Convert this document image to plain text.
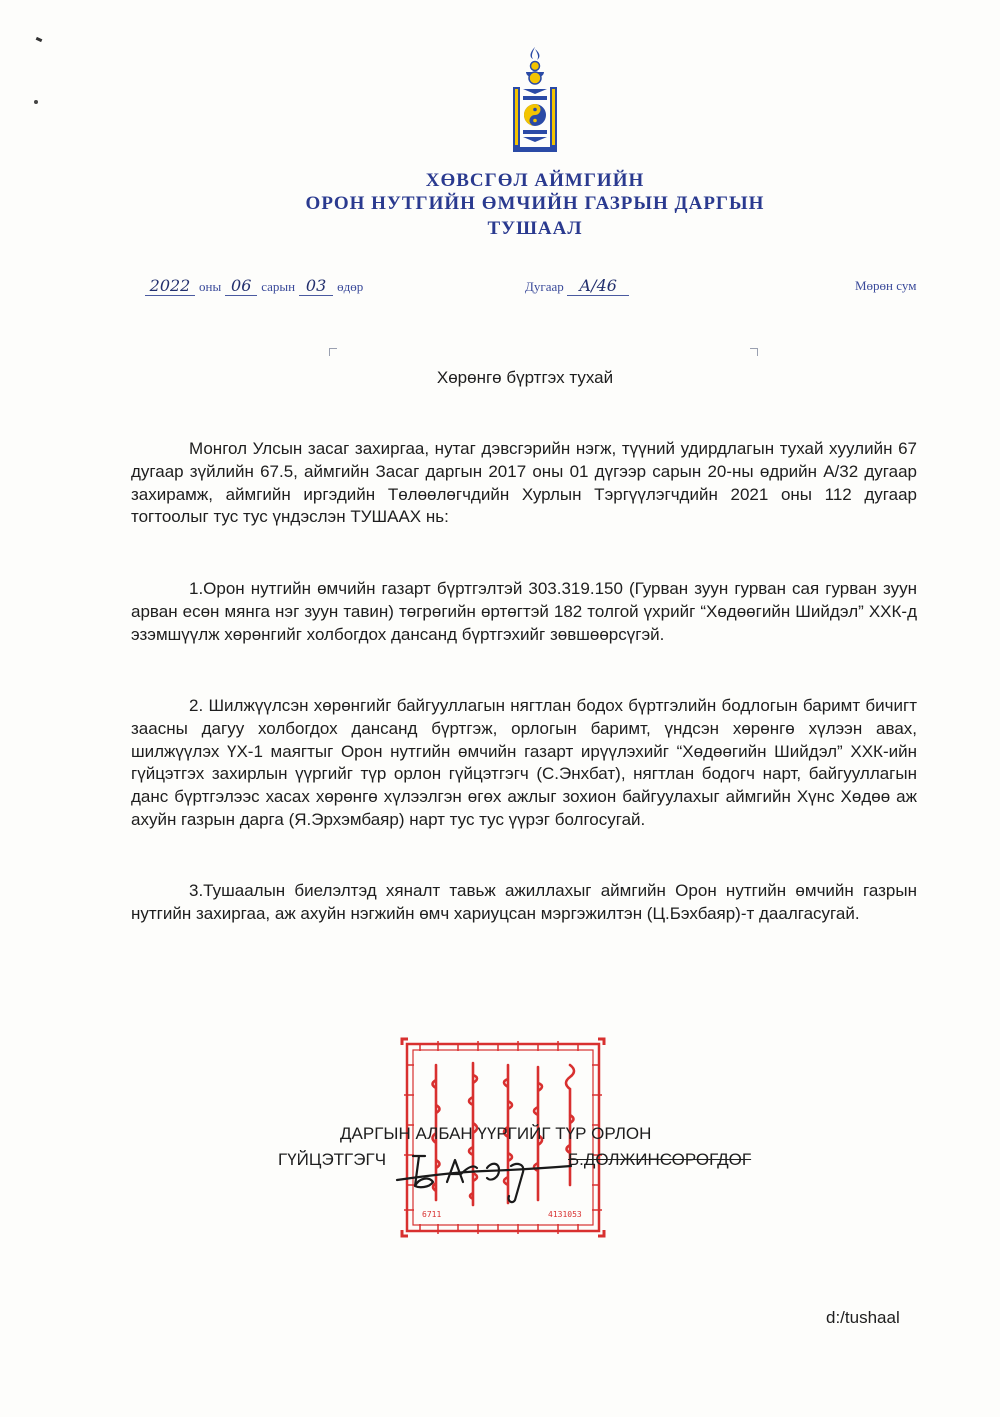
ХӨВСГӨЛ АЙМГИЙН
ОРОН НУТГИЙН ӨМЧИЙН ГАЗРЫН ДАРГЫН
ТУШААЛ
2022 оны 06 сарын 03 өдөр	Дугаар А/46	Мөрөн сум
Хөрөнгө бүртгэх тухай
Монгол Улсын засаг захиргаа, нутаг дэвсгэрийн нэгж, түүний удирдлагын тухай хуулийн 67 дугаар зүйлийн 67.5, аймгийн Засаг даргын 2017 оны 01 дүгээр сарын 20-ны өдрийн А/32 дугаар захирамж, аймгийн иргэдийн Төлөөлөгчдийн Хурлын Тэргүүлэгчдийн 2021 оны 112 дугаар тогтоолыг тус тус үндэслэн ТУШААХ нь:
1.Орон нутгийн өмчийн газарт бүртгэлтэй 303.319.150 (Гурван зуун гурван сая гурван зуун арван есөн мянга нэг зуун тавин) төгрөгийн өртөгтэй 182 толгой үхрийг “Хөдөөгийн Шийдэл” ХХК-д эзэмшүүлж хөрөнгийг холбогдох дансанд бүртгэхийг зөвшөөрсүгэй.
2. Шилжүүлсэн хөрөнгийг байгууллагын нягтлан бодох бүртгэлийн бодлогын баримт бичигт заасны дагуу холбогдох дансанд бүртгэж, орлогын баримт, үндсэн хөрөнгө хүлээн авах, шилжүүлэх ҮХ-1 маягтыг Орон нутгийн өмчийн газарт ирүүлэхийг “Хөдөөгийн Шийдэл” ХХК-ийн гүйцэтгэх захирлын үүргийг түр орлон гүйцэтгэгч (С.Энхбат), нягтлан бодогч нарт, байгууллагын данс бүртгэлээс хасах хөрөнгө хүлээлгэн өгөх ажлыг зохион байгуулахыг аймгийн Хүнс Хөдөө аж ахуйн газрын дарга (Я.Эрхэмбаяр) нарт тус тус үүрэг болгосугай.
3.Тушаалын биелэлтэд хяналт тавьж ажиллахыг аймгийн Орон нутгийн өмчийн газрын нутгийн захиргаа, аж ахуйн нэгжийн өмч хариуцсан мэргэжилтэн (Ц.Бэхбаяр)-т даалгасугай.
6711	4131053
ДАРГЫН АЛБАН ҮҮРГИЙГ ТҮР ОРЛОН
ГҮЙЦЭТГЭГЧ	Б.ДОЛЖИНСОРОГДОГ
d:/tushaal
